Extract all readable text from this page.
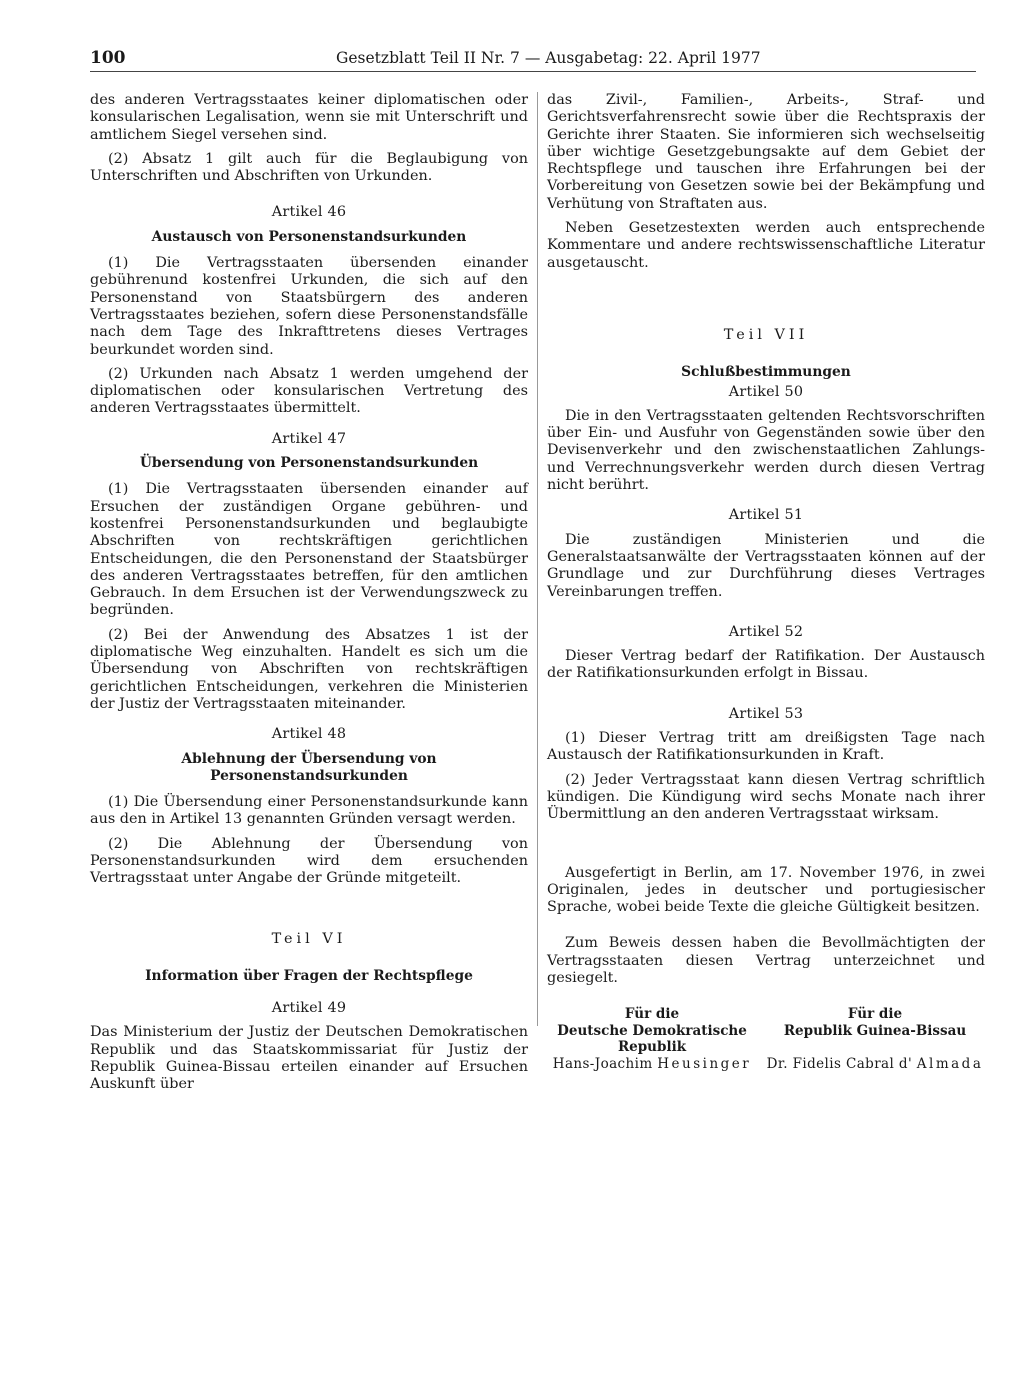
100	Gesetzblatt Teil II Nr. 7 — Ausgabetag: 22. April 1977

des anderen Vertragsstaates keiner diplomatischen oder konsularischen Legalisation, wenn sie mit Unterschrift und amtlichem Siegel versehen sind.

(2) Absatz 1 gilt auch für die Beglaubigung von Unterschriften und Abschriften von Urkunden.

Artikel 46
Austausch von Personenstandsurkunden

(1) Die Vertragsstaaten übersenden einander gebührenund kostenfrei Urkunden, die sich auf den Personenstand von Staatsbürgern des anderen Vertragsstaates beziehen, sofern diese Personenstandsfälle nach dem Tage des Inkrafttretens dieses Vertrages beurkundet worden sind.

(2) Urkunden nach Absatz 1 werden umgehend der diplomatischen oder konsularischen Vertretung des anderen Vertragsstaates übermittelt.

Artikel 47
Übersendung von Personenstandsurkunden

(1) Die Vertragsstaaten übersenden einander auf Ersuchen der zuständigen Organe gebühren- und kostenfrei Personenstandsurkunden und beglaubigte Abschriften von rechtskräftigen gerichtlichen Entscheidungen, die den Personenstand der Staatsbürger des anderen Vertragsstaates betreffen, für den amtlichen Gebrauch. In dem Ersuchen ist der Verwendungszweck zu begründen.

(2) Bei der Anwendung des Absatzes 1 ist der diplomatische Weg einzuhalten. Handelt es sich um die Übersendung von Abschriften von rechtskräftigen gerichtlichen Entscheidungen, verkehren die Ministerien der Justiz der Vertragsstaaten miteinander.

Artikel 48
Ablehnung der Übersendung von Personenstandsurkunden

(1) Die Übersendung einer Personenstandsurkunde kann aus den in Artikel 13 genannten Gründen versagt werden.

(2) Die Ablehnung der Übersendung von Personenstandsurkunden wird dem ersuchenden Vertragsstaat unter Angabe der Gründe mitgeteilt.

Teil VI
Information über Fragen der Rechtspflege
Artikel 49

Das Ministerium der Justiz der Deutschen Demokratischen Republik und das Staatskommissariat für Justiz der Republik Guinea-Bissau erteilen einander auf Ersuchen Auskunft über

das Zivil-, Familien-, Arbeits-, Straf- und Gerichtsverfahrensrecht sowie über die Rechtspraxis der Gerichte ihrer Staaten. Sie informieren sich wechselseitig über wichtige Gesetzgebungsakte auf dem Gebiet der Rechtspflege und tauschen ihre Erfahrungen bei der Vorbereitung von Gesetzen sowie bei der Bekämpfung und Verhütung von Straftaten aus.

Neben Gesetzestexten werden auch entsprechende Kommentare und andere rechtswissenschaftliche Literatur ausgetauscht.

Teil VII
Schlußbestimmungen
Artikel 50

Die in den Vertragsstaaten geltenden Rechtsvorschriften über Ein- und Ausfuhr von Gegenständen sowie über den Devisenverkehr und den zwischenstaatlichen Zahlungs- und Verrechnungsverkehr werden durch diesen Vertrag nicht berührt.

Artikel 51

Die zuständigen Ministerien und die Generalstaatsanwälte der Vertragsstaaten können auf der Grundlage und zur Durchführung dieses Vertrages Vereinbarungen treffen.

Artikel 52

Dieser Vertrag bedarf der Ratifikation. Der Austausch der Ratifikationsurkunden erfolgt in Bissau.

Artikel 53

(1) Dieser Vertrag tritt am dreißigsten Tage nach Austausch der Ratifikationsurkunden in Kraft.

(2) Jeder Vertragsstaat kann diesen Vertrag schriftlich kündigen. Die Kündigung wird sechs Monate nach ihrer Übermittlung an den anderen Vertragsstaat wirksam.

Ausgefertigt in Berlin, am 17. November 1976, in zwei Originalen, jedes in deutscher und portugiesischer Sprache, wobei beide Texte die gleiche Gültigkeit besitzen.

Zum Beweis dessen haben die Bevollmächtigten der Vertragsstaaten diesen Vertrag unterzeichnet und gesiegelt.

Für die
Deutsche Demokratische
Republik
Hans-Joachim Heusinger
Für die
Republik Guinea-Bissau
Dr. Fidelis Cabral d' Almada
